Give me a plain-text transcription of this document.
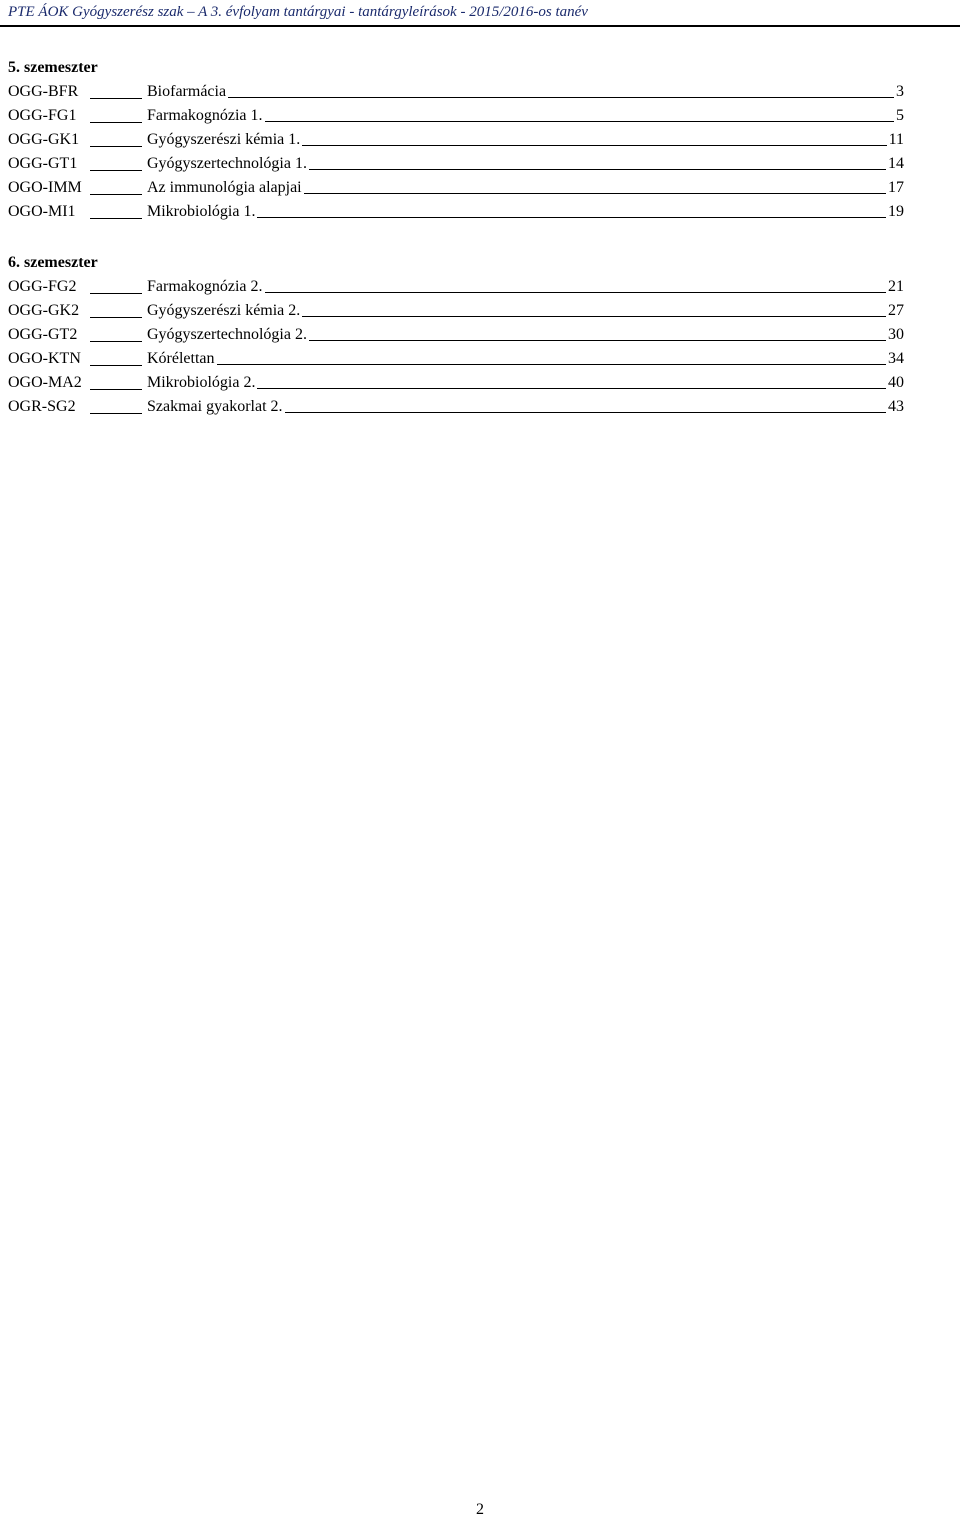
PTE ÁOK Gyógyszerész szak – A 3. évfolyam tantárgyai - tantárgyleírások - 2015/2016-os tanév
5. szemeszter
OGG-BFR	Biofarmácia	3
OGG-FG1	Farmakognózia 1.	5
OGG-GK1	Gyógyszerészi kémia 1.	11
OGG-GT1	Gyógyszertechnológia 1.	14
OGO-IMM	Az immunológia alapjai	17
OGO-MI1	Mikrobiológia 1.	19
6. szemeszter
OGG-FG2	Farmakognózia 2.	21
OGG-GK2	Gyógyszerészi kémia 2.	27
OGG-GT2	Gyógyszertechnológia 2.	30
OGO-KTN	Kórélettan	34
OGO-MA2	Mikrobiológia 2.	40
OGR-SG2	Szakmai gyakorlat 2.	43
2
